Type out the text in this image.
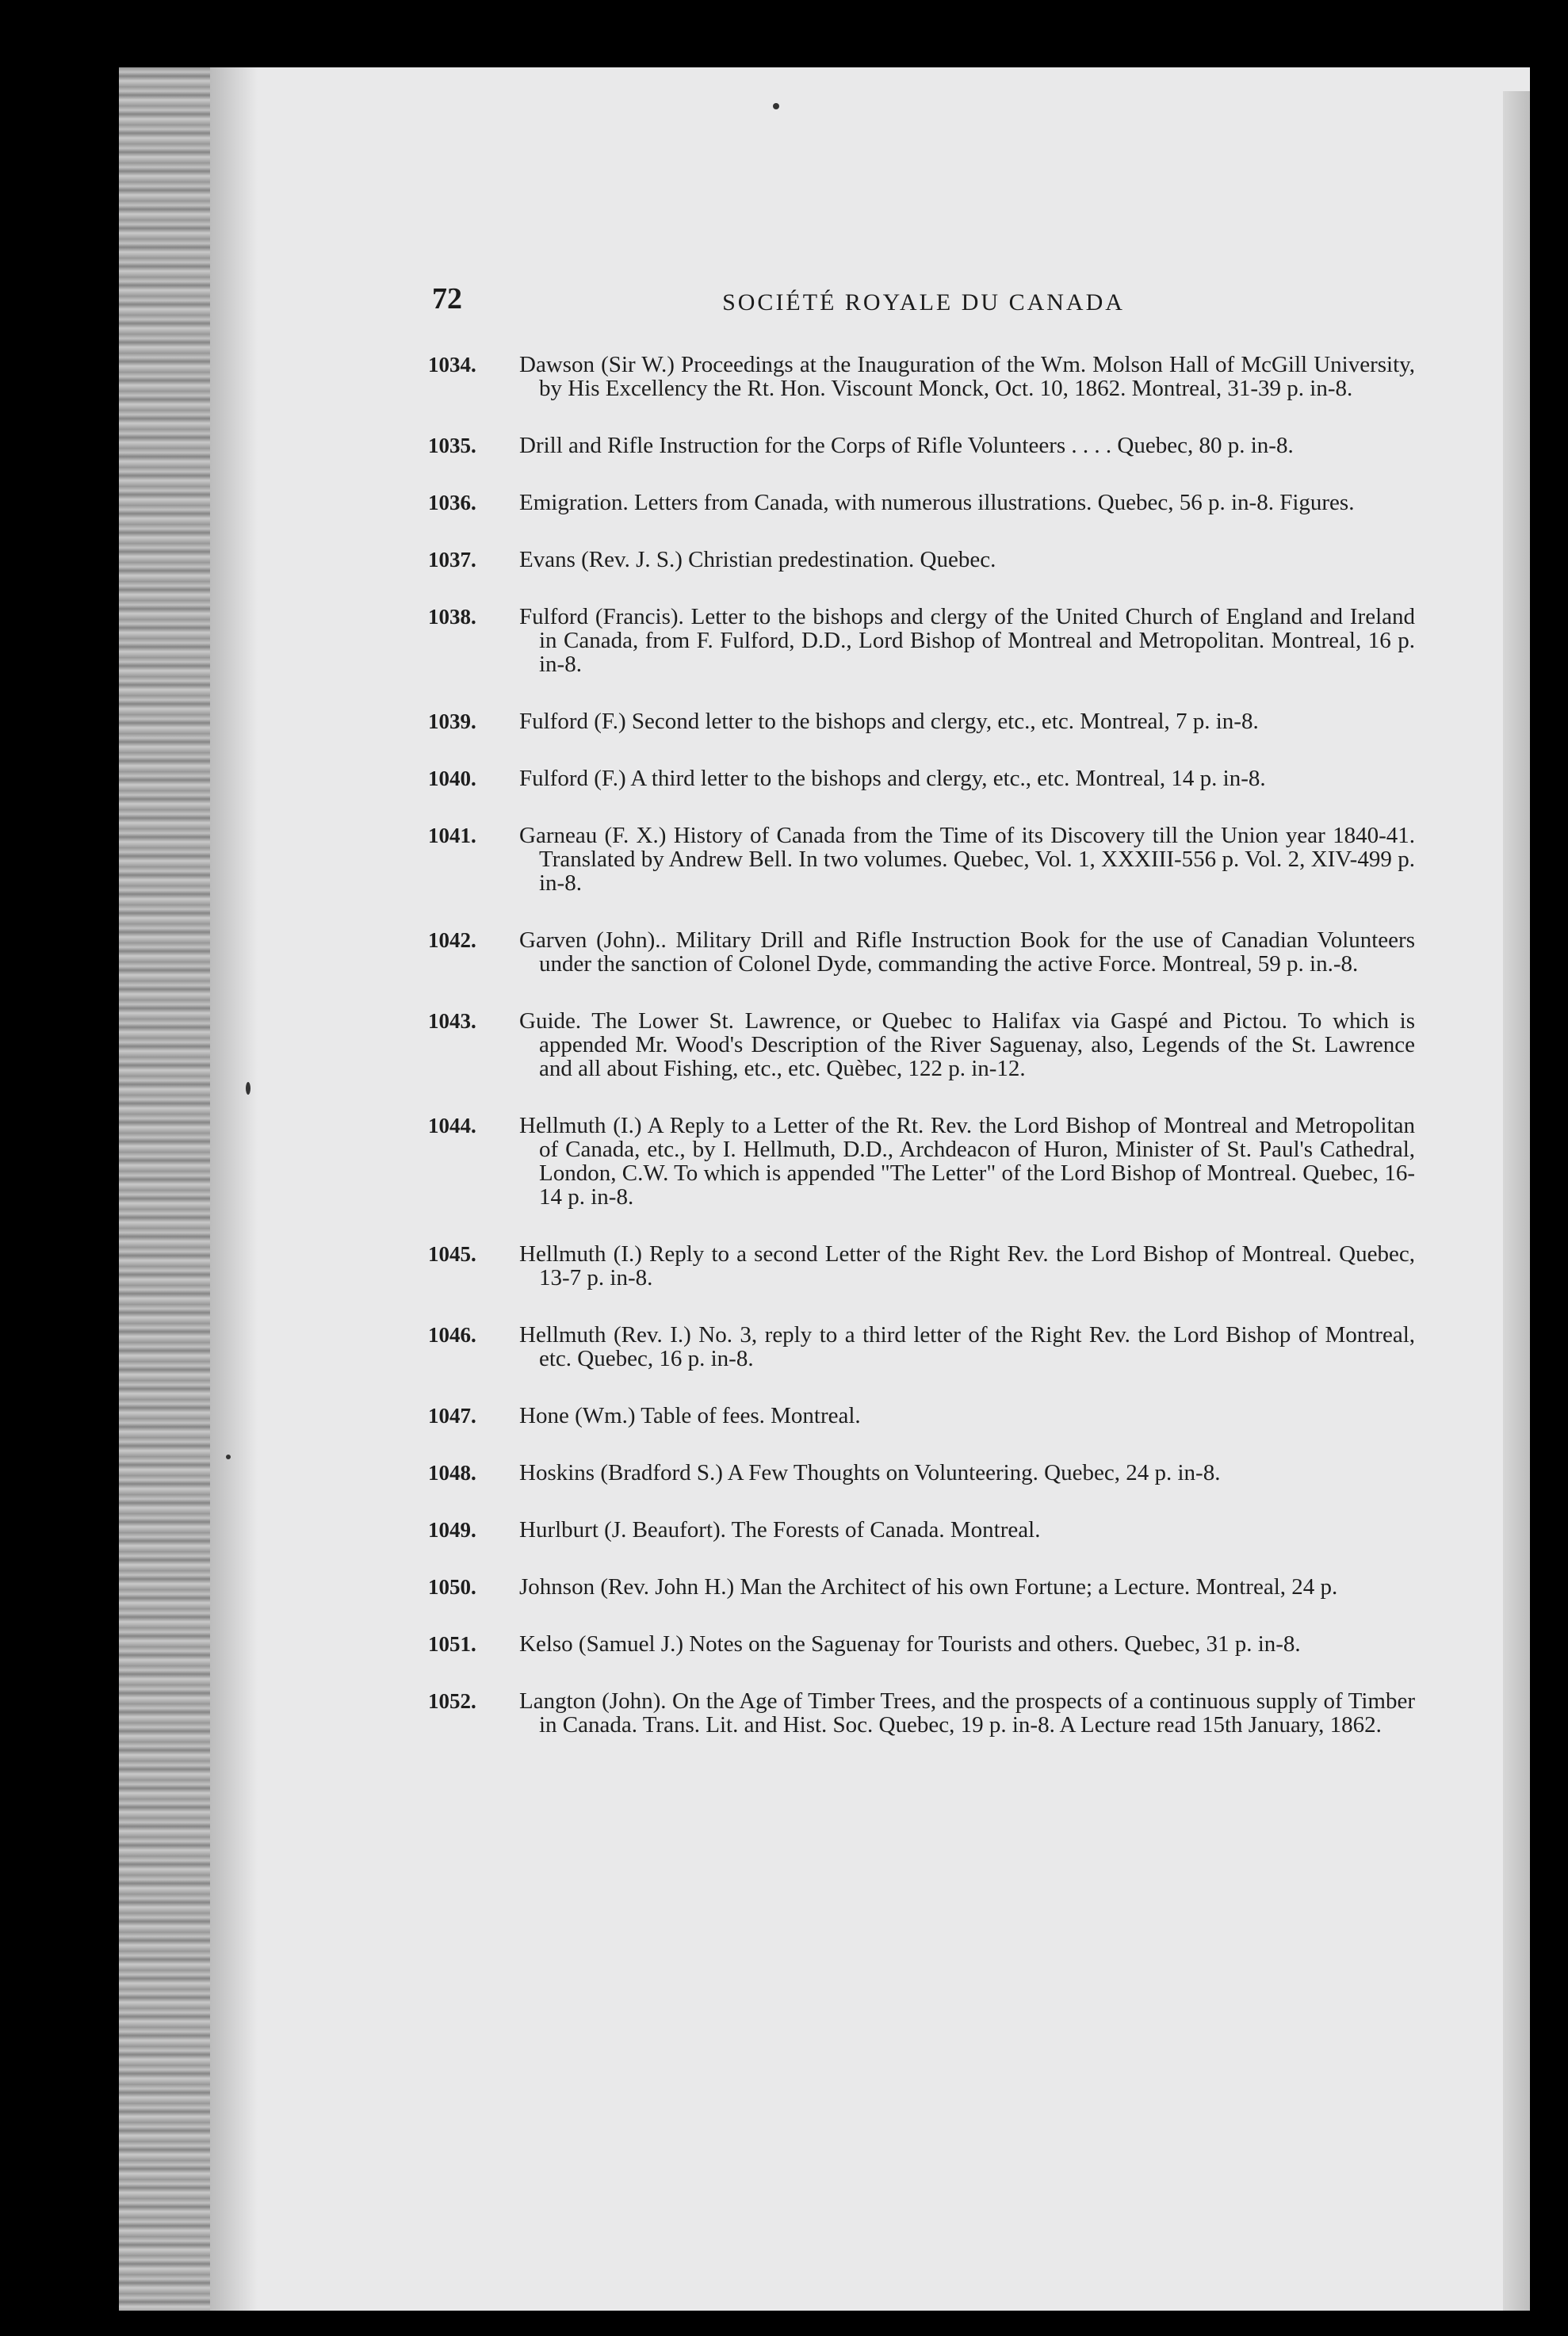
72	SOCIÉTÉ ROYALE DU CANADA
1034.	Dawson (Sir W.) Proceedings at the Inauguration of the Wm. Molson Hall of McGill University, by His Excellency the Rt. Hon. Viscount Monck, Oct. 10, 1862. Montreal, 31-39 p. in-8.
1035.	Drill and Rifle Instruction for the Corps of Rifle Volunteers . . . . Quebec, 80 p. in-8.
1036.	Emigration. Letters from Canada, with numerous illustrations. Quebec, 56 p. in-8. Figures.
1037.	Evans (Rev. J. S.) Christian predestination. Quebec.
1038.	Fulford (Francis). Letter to the bishops and clergy of the United Church of England and Ireland in Canada, from F. Fulford, D.D., Lord Bishop of Montreal and Metropolitan. Montreal, 16 p. in-8.
1039.	Fulford (F.) Second letter to the bishops and clergy, etc., etc. Montreal, 7 p. in-8.
1040.	Fulford (F.) A third letter to the bishops and clergy, etc., etc. Montreal, 14 p. in-8.
1041.	Garneau (F. X.) History of Canada from the Time of its Discovery till the Union year 1840-41. Translated by Andrew Bell. In two volumes. Quebec, Vol. 1, XXXIII-556 p. Vol. 2, XIV-499 p. in-8.
1042.	Garven (John).. Military Drill and Rifle Instruction Book for the use of Canadian Volunteers under the sanction of Colonel Dyde, commanding the active Force. Montreal, 59 p. in.-8.
1043.	Guide. The Lower St. Lawrence, or Quebec to Halifax via Gaspé and Pictou. To which is appended Mr. Wood's Description of the River Saguenay, also, Legends of the St. Lawrence and all about Fishing, etc., etc. Quèbec, 122 p. in-12.
1044.	Hellmuth (I.) A Reply to a Letter of the Rt. Rev. the Lord Bishop of Montreal and Metropolitan of Canada, etc., by I. Hellmuth, D.D., Archdeacon of Huron, Minister of St. Paul's Cathedral, London, C.W. To which is appended "The Letter" of the Lord Bishop of Montreal. Quebec, 16-14 p. in-8.
1045.	Hellmuth (I.) Reply to a second Letter of the Right Rev. the Lord Bishop of Montreal. Quebec, 13-7 p. in-8.
1046.	Hellmuth (Rev. I.) No. 3, reply to a third letter of the Right Rev. the Lord Bishop of Montreal, etc. Quebec, 16 p. in-8.
1047.	Hone (Wm.) Table of fees. Montreal.
1048.	Hoskins (Bradford S.) A Few Thoughts on Volunteering. Quebec, 24 p. in-8.
1049.	Hurlburt (J. Beaufort). The Forests of Canada. Montreal.
1050.	Johnson (Rev. John H.) Man the Architect of his own Fortune; a Lecture. Montreal, 24 p.
1051.	Kelso (Samuel J.) Notes on the Saguenay for Tourists and others. Quebec, 31 p. in-8.
1052.	Langton (John). On the Age of Timber Trees, and the prospects of a continuous supply of Timber in Canada. Trans. Lit. and Hist. Soc. Quebec, 19 p. in-8. A Lecture read 15th January, 1862.
